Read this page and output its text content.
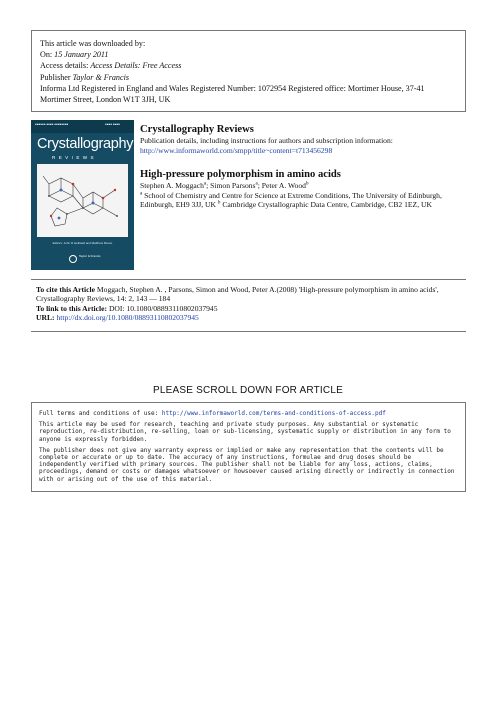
This article was downloaded by:
On: 15 January 2011
Access details: Access Details: Free Access
Publisher Taylor & Francis
Informa Ltd Registered in England and Wales Registered Number: 1072954 Registered office: Mortimer House, 37-41 Mortimer Street, London W1T 3JH, UK
▪▪▪▪▪▪ ▪▪▪▪ ▪▪▪▪▪▪▪▪	▪▪▪▪ ▪▪▪▪
Crystallography
REVIEWS
Editors: John R Helliwell and Matthew Moore
Taylor & Francis
Crystallography Reviews
Publication details, including instructions for authors and subscription information:
http://www.informaworld.com/smpp/title~content=t713456298
High-pressure polymorphism in amino acids
Stephen A. Moggach$^a$; Simon Parsons$^a$; Peter A. Wood$^b$
$^a$ School of Chemistry and Centre for Science at Extreme Conditions, The University of Edinburgh, Edinburgh, EH9 3JJ, UK $^b$ Cambridge Crystallographic Data Centre, Cambridge, CB2 1EZ, UK
To cite this Article Moggach, Stephen A. , Parsons, Simon and Wood, Peter A.(2008) 'High-pressure polymorphism in amino acids', Crystallography Reviews, 14: 2, 143 — 184
To link to this Article: DOI: 10.1080/08893110802037945
URL: http://dx.doi.org/10.1080/08893110802037945
PLEASE SCROLL DOWN FOR ARTICLE

Full terms and conditions of use: http://www.informaworld.com/terms-and-conditions-of-access.pdf

This article may be used for research, teaching and private study purposes. Any substantial or systematic reproduction, re-distribution, re-selling, loan or sub-licensing, systematic supply or distribution in any form to anyone is expressly forbidden.

The publisher does not give any warranty express or implied or make any representation that the contents will be complete or accurate or up to date. The accuracy of any instructions, formulae and drug doses should be independently verified with primary sources. The publisher shall not be liable for any loss, actions, claims, proceedings, demand or costs or damages whatsoever or howsoever caused arising directly or indirectly in connection with or arising out of the use of this material.
